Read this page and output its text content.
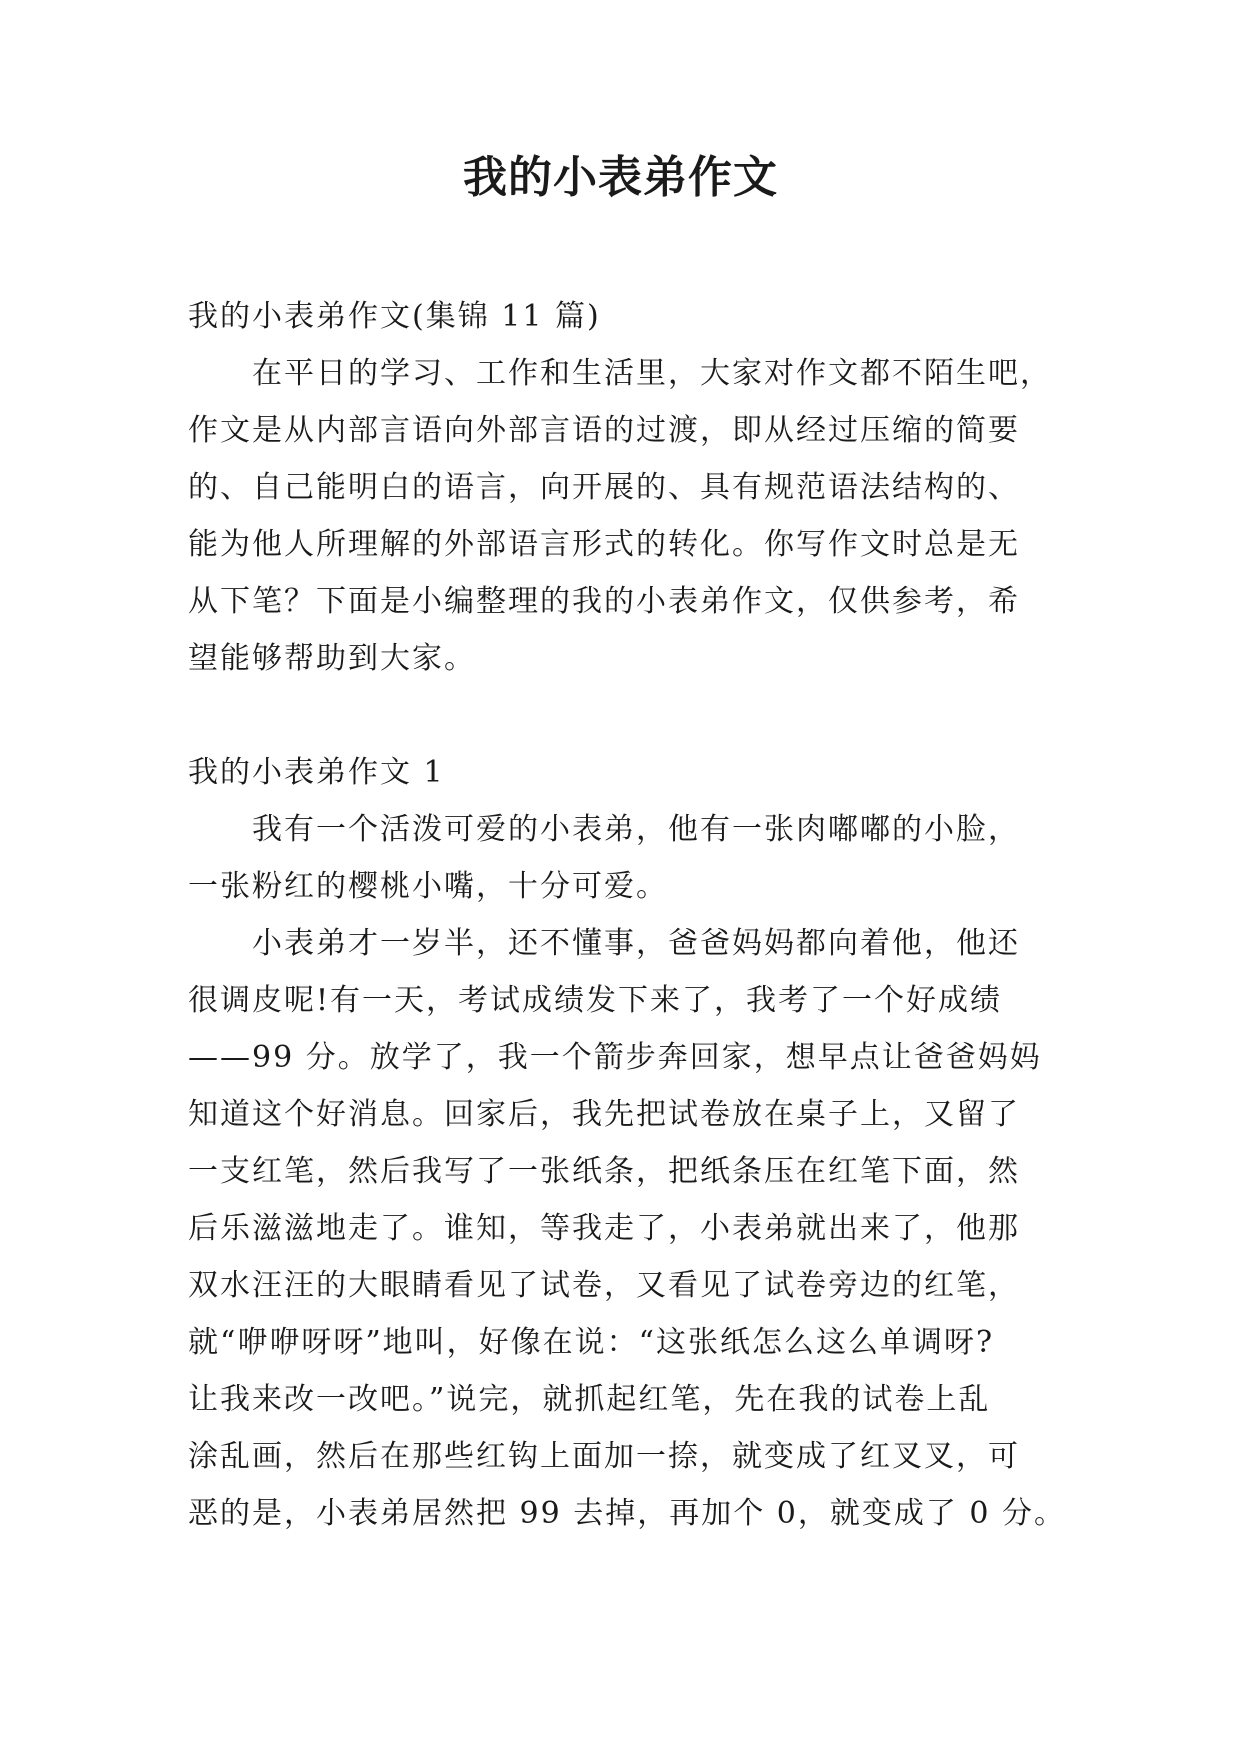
我的小表弟作文

我的小表弟作文(集锦 11 篇)

　　在平日的学习、工作和生活里，大家对作文都不陌生吧，

作文是从内部言语向外部言语的过渡，即从经过压缩的简要

的、自己能明白的语言，向开展的、具有规范语法结构的、

能为他人所理解的外部语言形式的转化。你写作文时总是无

从下笔？下面是小编整理的我的小表弟作文，仅供参考，希

望能够帮助到大家。

我的小表弟作文 1

　　我有一个活泼可爱的小表弟，他有一张肉嘟嘟的小脸，

一张粉红的樱桃小嘴，十分可爱。

　　小表弟才一岁半，还不懂事，爸爸妈妈都向着他，他还

很调皮呢!有一天，考试成绩发下来了，我考了一个好成绩

——99 分。放学了，我一个箭步奔回家，想早点让爸爸妈妈

知道这个好消息。回家后，我先把试卷放在桌子上，又留了

一支红笔，然后我写了一张纸条，把纸条压在红笔下面，然

后乐滋滋地走了。谁知，等我走了，小表弟就出来了，他那

双水汪汪的大眼睛看见了试卷，又看见了试卷旁边的红笔，

就“咿咿呀呀”地叫，好像在说：“这张纸怎么这么单调呀?

让我来改一改吧。”说完，就抓起红笔，先在我的试卷上乱

涂乱画，然后在那些红钩上面加一捺，就变成了红叉叉，可

恶的是，小表弟居然把 99 去掉，再加个 0，就变成了 0 分。
